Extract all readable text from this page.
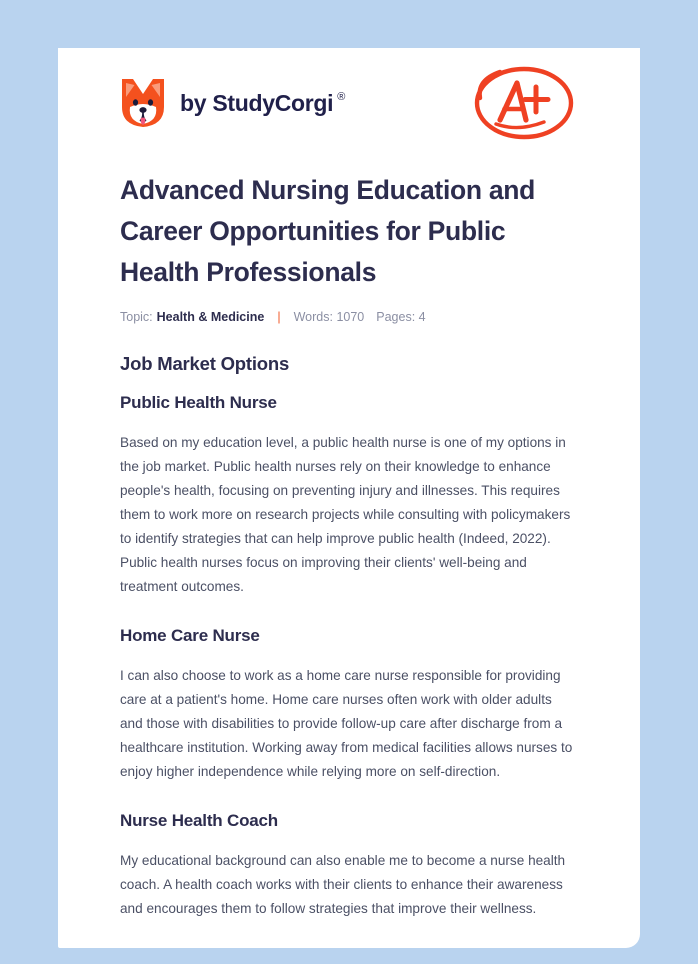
by StudyCorgi ®
Advanced Nursing Education and Career Opportunities for Public Health Professionals
Topic: Health & Medicine | Words: 1070 Pages: 4
Job Market Options
Public Health Nurse

Based on my education level, a public health nurse is one of my options in the job market. Public health nurses rely on their knowledge to enhance people's health, focusing on preventing injury and illnesses. This requires them to work more on research projects while consulting with policymakers to identify strategies that can help improve public health (Indeed, 2022). Public health nurses focus on improving their clients' well-being and treatment outcomes.

Home Care Nurse

I can also choose to work as a home care nurse responsible for providing care at a patient's home. Home care nurses often work with older adults and those with disabilities to provide follow-up care after discharge from a healthcare institution. Working away from medical facilities allows nurses to enjoy higher independence while relying more on self-direction.

Nurse Health Coach

My educational background can also enable me to become a nurse health coach. A health coach works with their clients to enhance their awareness and encourages them to follow strategies that improve their wellness.
